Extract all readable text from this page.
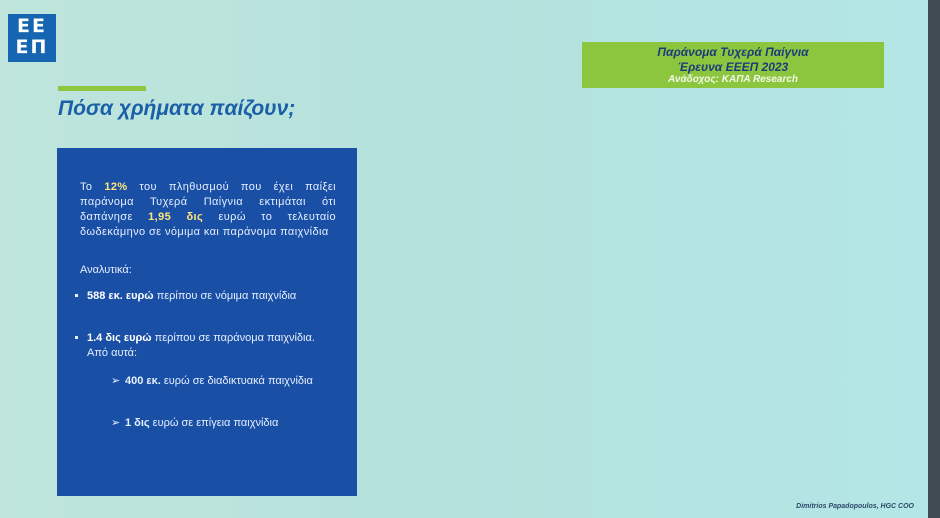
ΕΕ
ΕΠ
Πόσα χρήματα παίζουν;
Παράνομα Τυχερά Παίγνια
Έρευνα ΕΕΕΠ 2023
Ανάδοχος: ΚΑΠΑ Research
Το 12% του πληθυσμού που έχει παίξει παράνομα Τυχερά Παίγνια εκτιμάται ότι δαπάνησε 1,95 δις ευρώ το τελευταίο δωδεκάμηνο σε νόμιμα και παράνομα παιχνίδια
Αναλυτικά:
588 εκ. ευρώ περίπου σε νόμιμα παιχνίδια
1.4 δις ευρώ περίπου σε παράνομα παιχνίδια. Από αυτά:
➢ 400 εκ. ευρώ σε διαδικτυακά παιχνίδια
➢ 1 δις ευρώ σε επίγεια παιχνίδια
Dimitrios Papadopoulos, HGC COO
